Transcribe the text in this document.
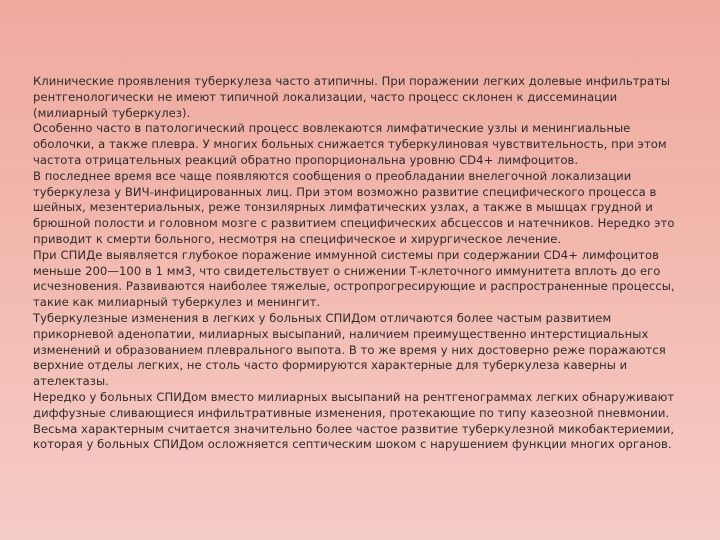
Клинические проявления туберкулеза часто атипичны. При поражении легких долевые инфильтраты рентгенологически не имеют типичной локализации, часто процесс склонен к диссеминации (милиарный туберкулез).

Особенно часто в патологический процесс вовлекаются лимфатические узлы и менингиальные оболочки, а также плевра. У многих больных снижается туберкулиновая чувствительность, при этом частота отрицательных реакций обратно пропорциональна уровню CD4+ лимфоцитов.

В последнее время все чаще появляются сообщения о преобладании внелегочной локализации туберкулеза у ВИЧ-инфицированных лиц. При этом возможно развитие специфического процесса в шейных, мезентериальных, реже тонзилярных лимфатических узлах, а также в мышцах грудной и брюшной полости и головном мозге с развитием специфических абсцессов и натечников. Нередко это приводит к смерти больного, несмотря на специфическое и хирургическое лечение.

При СПИДе выявляется глубокое поражение иммунной системы при содержании CD4+ лимфоцитов меньше 200—100 в 1 мм3, что свидетельствует о снижении Т-клеточного иммунитета вплоть до его исчезновения. Развиваются наиболее тяжелые, остропрогресирующие и распространенные процессы, такие как милиарный туберкулез и менингит.

Туберкулезные изменения в легких у больных СПИДом отличаются более частым развитием прикорневой аденопатии, милиарных высыпаний, наличием преимущественно интерстициальных изменений и образованием плеврального выпота. В то же время у них достоверно реже поражаются верхние отделы легких, не столь часто формируются характерные для туберкулеза каверны и ателектазы.

Нередко у больных СПИДом вместо милиарных высыпаний на рентгенограммах легких обнаруживают диффузные сливающиеся инфильтративные изменения, протекающие по типу казеозной пневмонии. Весьма характерным считается значительно более частое развитие туберкулезной микобактериемии, которая у больных СПИДом осложняется септическим шоком с нарушением функции многих органов.
